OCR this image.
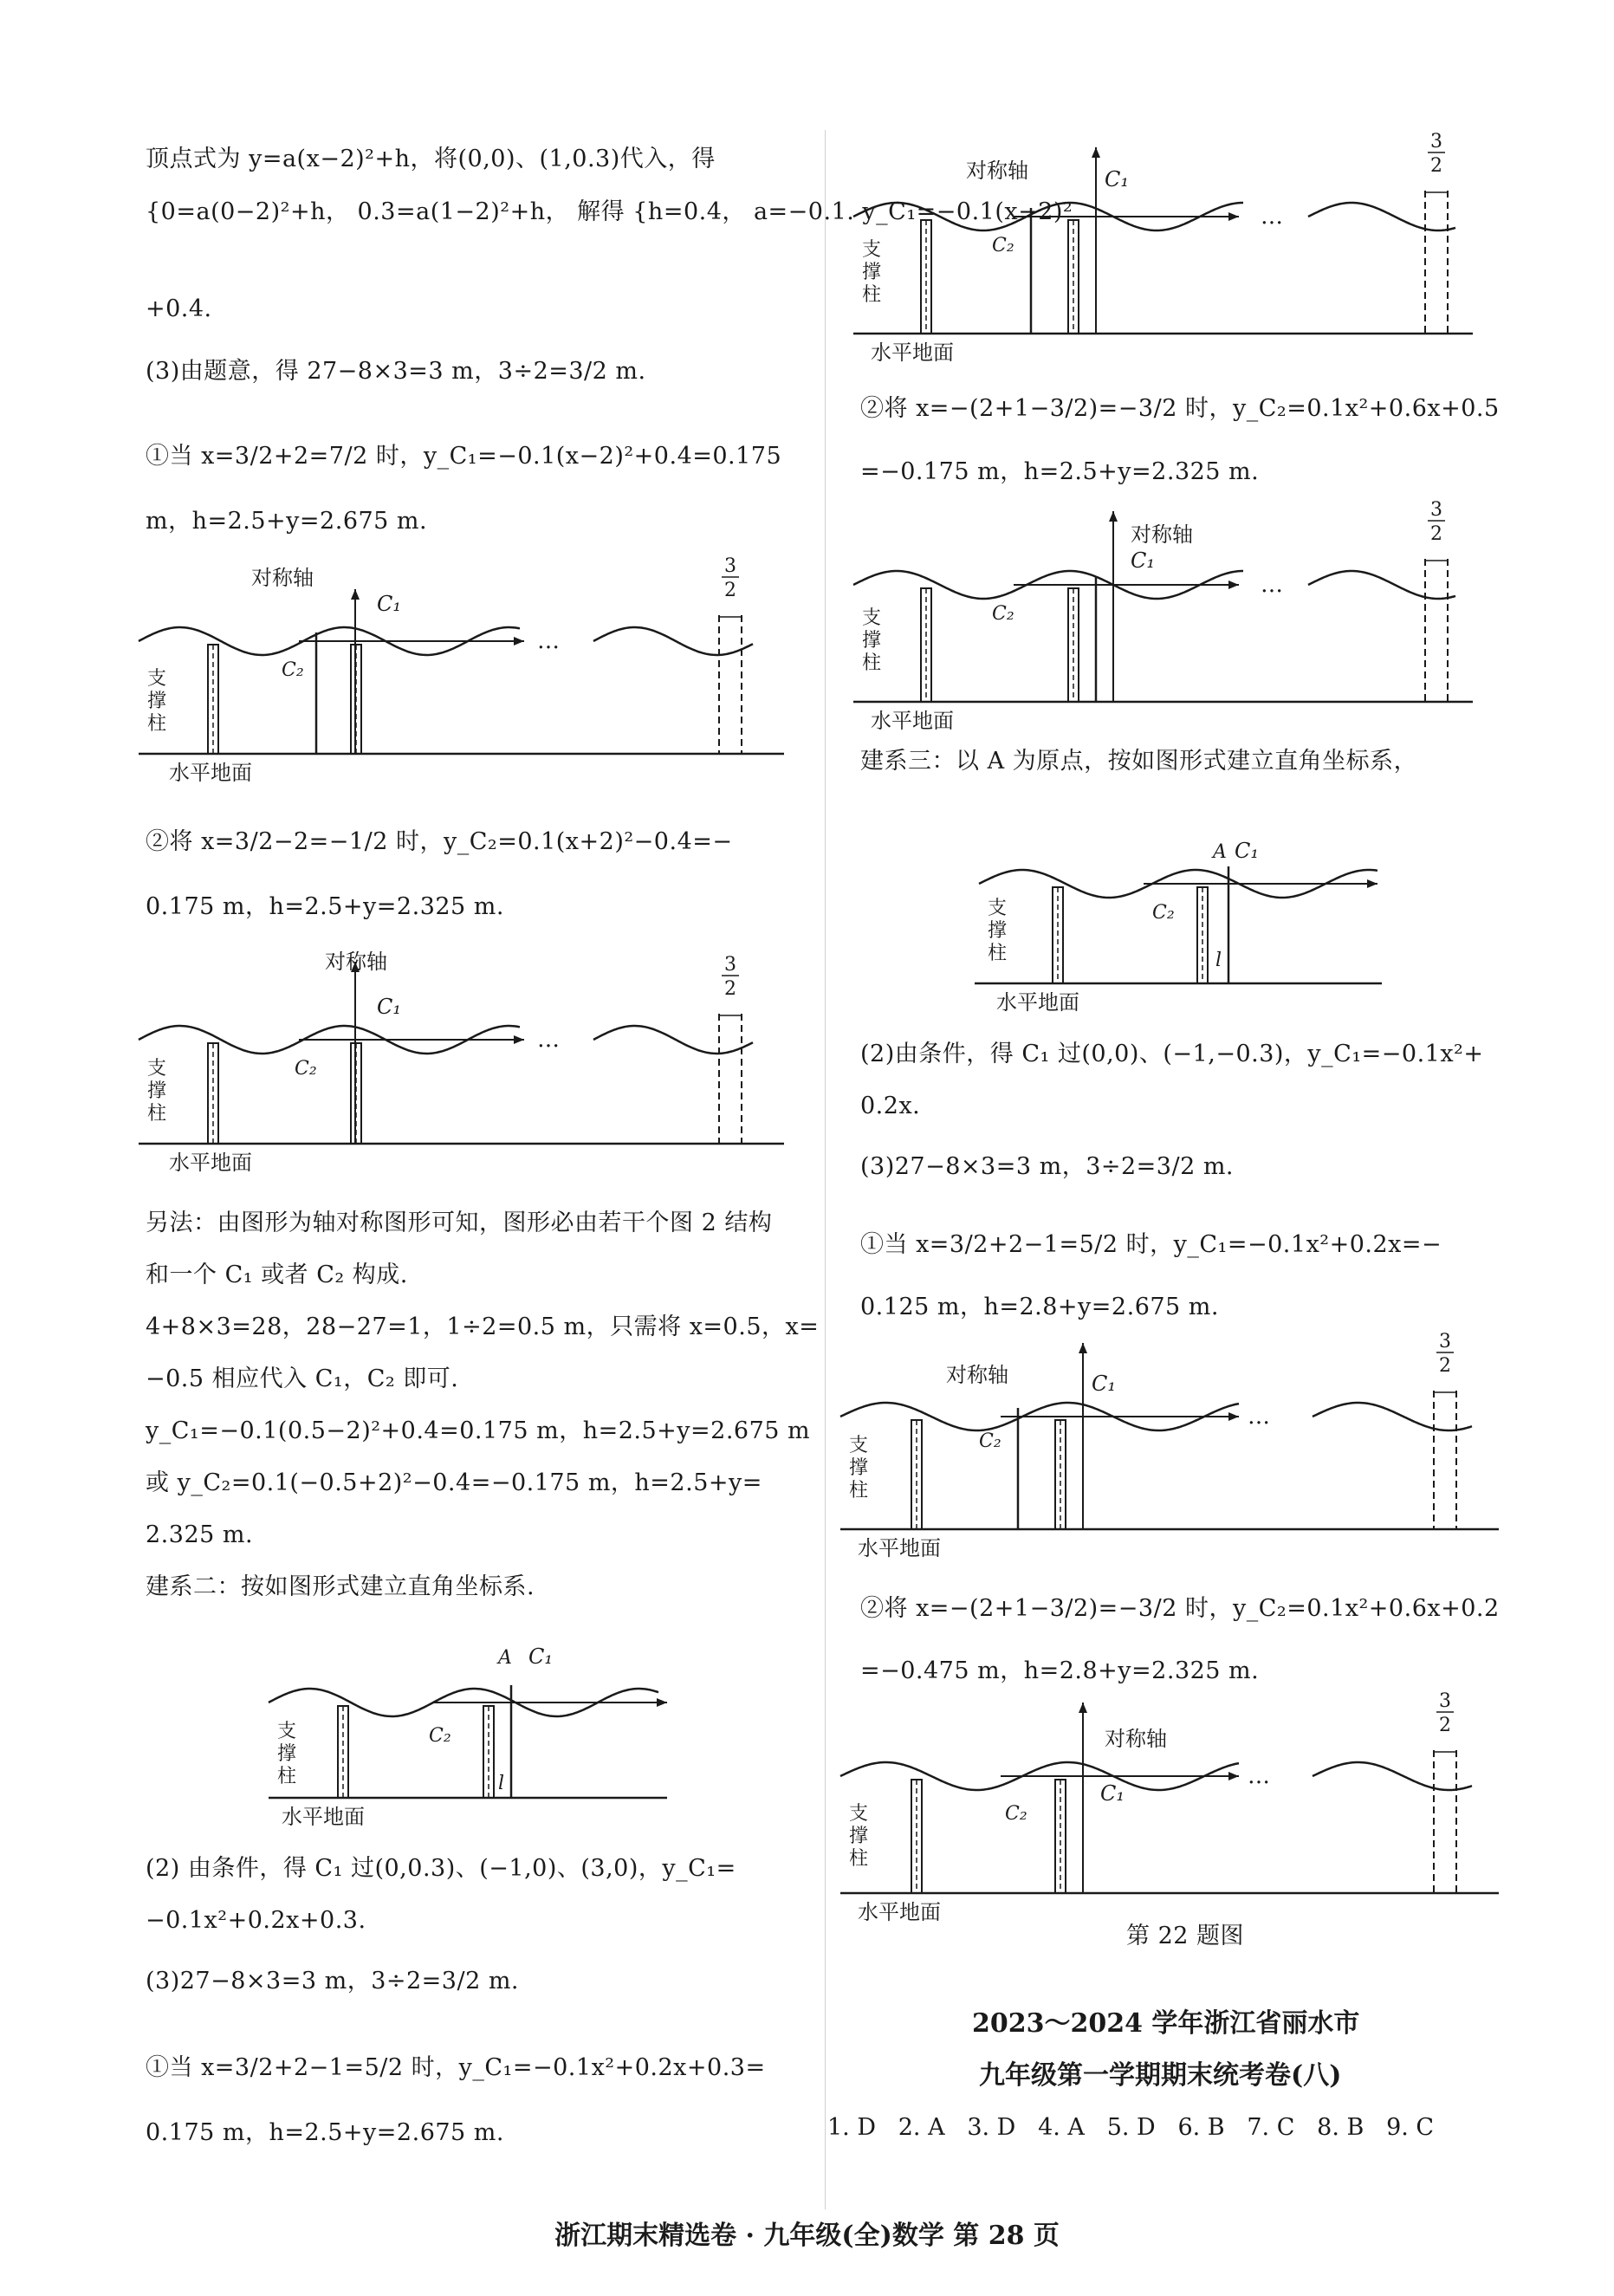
顶点式为 y=a(x−2)²+h，将(0,0)、(1,0.3)代入，得
{0=a(0−2)²+h， 0.3=a(1−2)²+h， 解得 {h=0.4， a=−0.1. y_C₁=−0.1(x−2)²
+0.4.
(3)由题意，得 27−8×3=3 m，3÷2=3/2 m.
①当 x=3/2+2=7/2 时，y_C₁=−0.1(x−2)²+0.4=0.175
m，h=2.5+y=2.675 m.
②将 x=3/2−2=−1/2 时，y_C₂=0.1(x+2)²−0.4=−
0.175 m，h=2.5+y=2.325 m.
另法：由图形为轴对称图形可知，图形必由若干个图 2 结构
和一个 C₁ 或者 C₂ 构成.
4+8×3=28，28−27=1，1÷2=0.5 m，只需将 x=0.5，x=
−0.5 相应代入 C₁，C₂ 即可.
y_C₁=−0.1(0.5−2)²+0.4=0.175 m，h=2.5+y=2.675 m
或 y_C₂=0.1(−0.5+2)²−0.4=−0.175 m，h=2.5+y=
2.325 m.
建系二：按如图形式建立直角坐标系.
(2) 由条件，得 C₁ 过(0,0.3)、(−1,0)、(3,0)，y_C₁=
−0.1x²+0.2x+0.3.
(3)27−8×3=3 m，3÷2=3/2 m.
①当 x=3/2+2−1=5/2 时，y_C₁=−0.1x²+0.2x+0.3=
0.175 m，h=2.5+y=2.675 m.
②将 x=−(2+1−3/2)=−3/2 时，y_C₂=0.1x²+0.6x+0.5
=−0.175 m，h=2.5+y=2.325 m.
建系三：以 A 为原点，按如图形式建立直角坐标系，
(2)由条件，得 C₁ 过(0,0)、(−1,−0.3)，y_C₁=−0.1x²+
0.2x.
(3)27−8×3=3 m，3÷2=3/2 m.
①当 x=3/2+2−1=5/2 时，y_C₁=−0.1x²+0.2x=−
0.125 m，h=2.8+y=2.675 m.
②将 x=−(2+1−3/2)=−3/2 时，y_C₂=0.1x²+0.6x+0.2
=−0.475 m，h=2.8+y=2.325 m.
第 22 题图
2023～2024 学年浙江省丽水市
九年级第一学期期末统考卷(八)
1. D 2. A 3. D 4. A 5. D 6. B 7. C 8. B 9. C
浙江期末精选卷 · 九年级(全)数学 第 28 页
水平地面
支
撑
柱
对称轴
C₁
C₂
…
3
2
水平地面
支
撑
柱
对称轴
C₁
C₂
…
3
2
水平地面
支
撑
柱
C₁
C₂
A
l
水平地面
支
撑
柱
对称轴	C₁
C₂
…
3
2
水平地面
支
撑
柱
对称轴
C₁
C₂
…
3
2
水平地面
支
撑
柱
C₁
C₂
A
l
水平地面
支
撑
柱
对称轴	C₁
C₂
…
3
2
水平地面
支
撑
柱
对称轴
C₁
C₂
…
3
2
